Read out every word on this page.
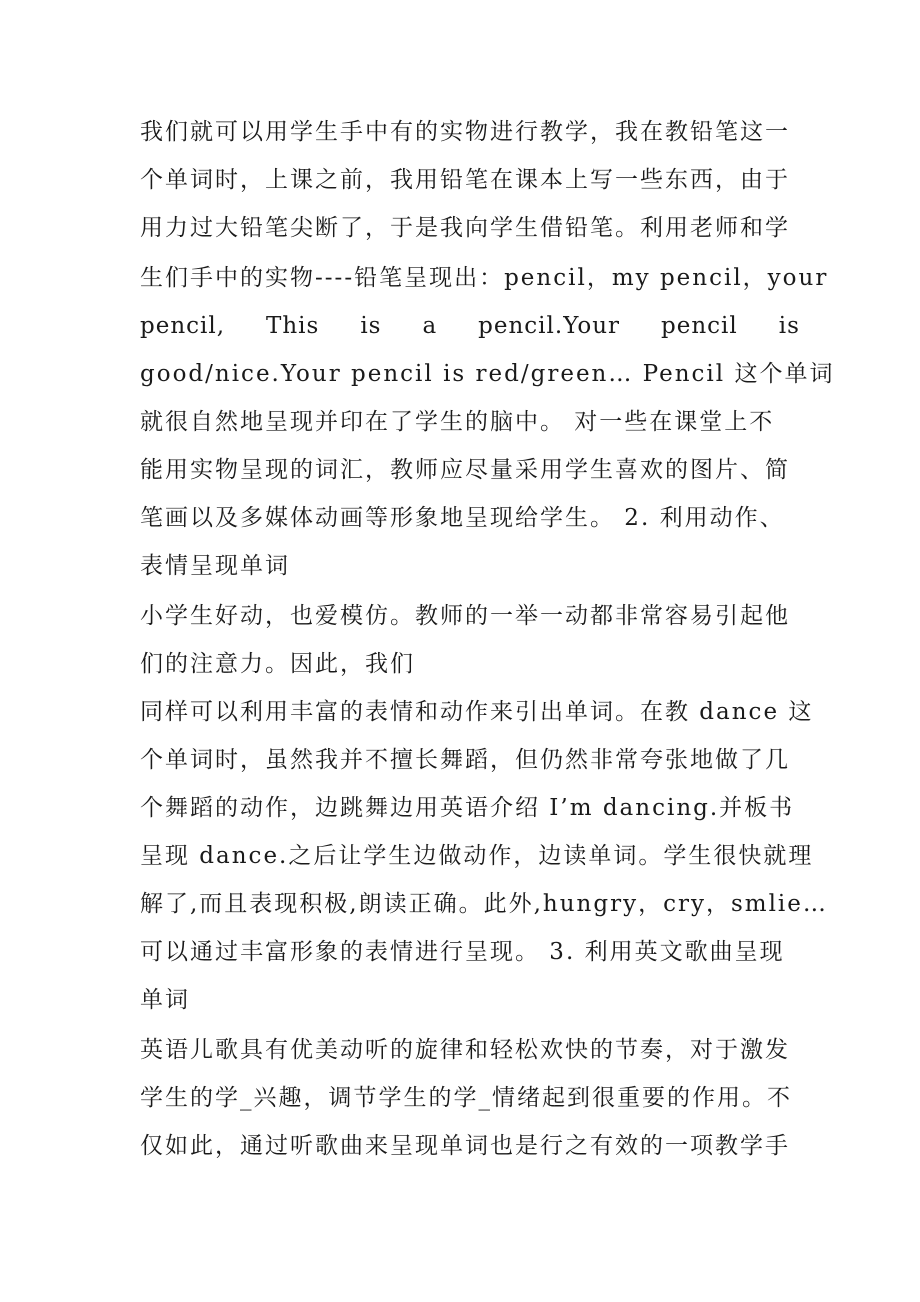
我们就可以用学生手中有的实物进行教学，我在教铅笔这一
个单词时，上课之前，我用铅笔在课本上写一些东西，由于
用力过大铅笔尖断了，于是我向学生借铅笔。利用老师和学
生们手中的实物----铅笔呈现出：pencil，my pencil，your
pencil, This is a pencil.Your pencil is
good/nice.Your pencil is red/green… Pencil 这个单词
就很自然地呈现并印在了学生的脑中。 对一些在课堂上不
能用实物呈现的词汇，教师应尽量采用学生喜欢的图片、简
笔画以及多媒体动画等形象地呈现给学生。 2. 利用动作、
表情呈现单词
小学生好动，也爱模仿。教师的一举一动都非常容易引起他
们的注意力。因此，我们
同样可以利用丰富的表情和动作来引出单词。在教 dance 这
个单词时，虽然我并不擅长舞蹈，但仍然非常夸张地做了几
个舞蹈的动作，边跳舞边用英语介绍 I’m dancing.并板书
呈现 dance.之后让学生边做动作，边读单词。学生很快就理
解了,而且表现积极,朗读正确。此外,hungry，cry，smlie…
可以通过丰富形象的表情进行呈现。 3. 利用英文歌曲呈现
单词
英语儿歌具有优美动听的旋律和轻松欢快的节奏，对于激发
学生的学_兴趣，调节学生的学_情绪起到很重要的作用。不
仅如此，通过听歌曲来呈现单词也是行之有效的一项教学手
